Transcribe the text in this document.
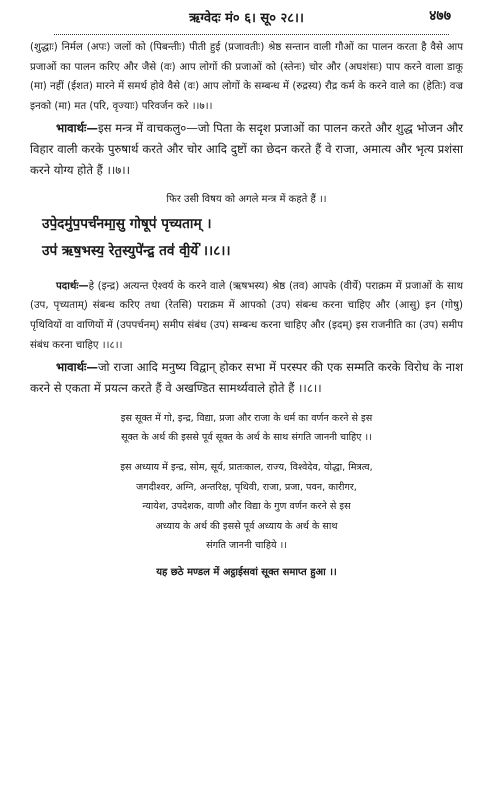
ऋग्वेदः मं० ६। सू० २८।।	४७७

(शुद्धाः) निर्मल (अपः) जलों को (पिबन्तीः) पीती हुई (प्रजावतीः) श्रेष्ठ सन्तान वाली गौओं का पालन करता है वैसे आप प्रजाओं का पालन करिए और जैसे (वः) आप लोगों की प्रजाओं को (स्तेनः) चोर और (अघशंसः) पाप करने वाला डाकू (मा) नहीं (ईशत) मारने में समर्थ होवे वैसे (वः) आप लोगों के सम्बन्ध में (रुद्रस्य) रौद्र कर्म के करने वाले का (हेतिः) वज्र इनको (मा) मत (परि, वृज्याः) परिवर्जन करे ।।७।।

भावार्थः—इस मन्त्र में वाचकलु०—जो पिता के सदृश प्रजाओं का पालन करते और शुद्ध भोजन और विहार वाली करके पुरुषार्थ करते और चोर आदि दुष्टों का छेदन करते हैं वे राजा, अमात्य और भृत्य प्रशंसा करने योग्य होते हैं ।।७।।

फिर उसी विषय को अगले मन्त्र में कहते हैं ।।

उपे॒दमु॑प॒पर्च॑नमा॒सु गोषूप॑ पृच्यताम् ।
उप॑ ऋष॒भस्य॒ रेत॒स्युपे॑न्द्र॒ तव॑ वी॒र्ये॑ ।।८।।

पदार्थः—हे (इन्द्र) अत्यन्त ऐश्वर्य के करने वाले (ऋषभस्य) श्रेष्ठ (तव) आपके (वीर्ये) पराक्रम में प्रजाओं के साथ (उप, पृच्यताम्) संबन्ध करिए तथा (रेतसि) पराक्रम में आपको (उप) संबन्ध करना चाहिए और (आसु) इन (गोषु) पृथिवियों वा वाणियों में (उपपर्चनम्) समीप संबंध (उप) सम्बन्ध करना चाहिए और (इदम्) इस राजनीति का (उप) समीप संबंध करना चाहिए ।।८।।

भावार्थः—जो राजा आदि मनुष्य विद्वान् होकर सभा में परस्पर की एक सम्मति करके विरोध के नाश करने से एकता में प्रयत्न करते हैं वे अखण्डित सामर्थ्यवाले होते हैं ।।८।।

इस सूक्त में गो, इन्द्र, विद्या, प्रजा और राजा के धर्म का वर्णन करने से इस

सूक्त के अर्थ की इससे पूर्व सूक्त के अर्थ के साथ संगति जाननी चाहिए ।।

इस अध्याय में इन्द्र, सोम, सूर्य, प्रातःकाल, राज्य, विश्वेदेव, योद्धा, मित्रत्व,

जगदीश्वर, अग्नि, अन्तरिक्ष, पृथिवी, राजा, प्रजा, पवन, कारीगर,

न्यायेश, उपदेशक, वाणी और विद्या के गुण वर्णन करने से इस

अध्याय के अर्थ की इससे पूर्व अध्याय के अर्थ के साथ

संगति जाननी चाहिये ।।

यह छठे मण्डल में अट्ठाईसवां सूक्त समाप्त हुआ ।।
